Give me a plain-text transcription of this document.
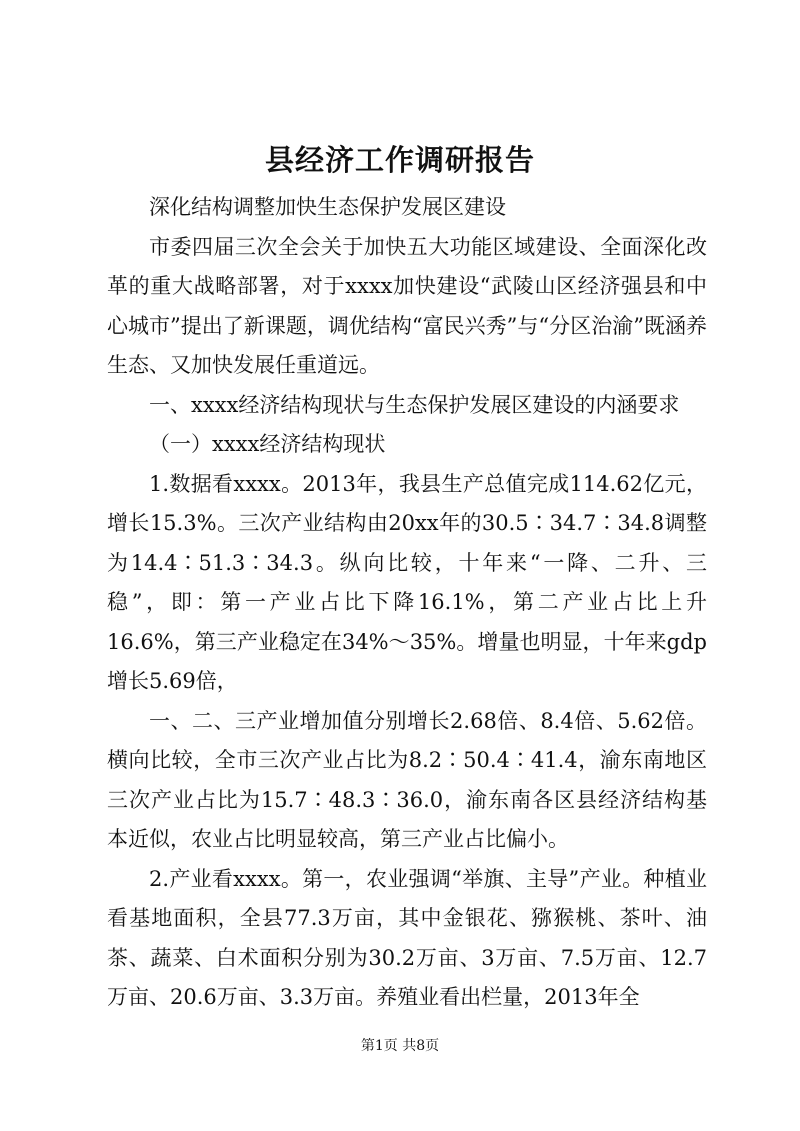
县经济工作调研报告

深化结构调整加快生态保护发展区建设

市委四届三次全会关于加快五大功能区域建设、全面深化改革的重大战略部署，对于xxxx加快建设“武陵山区经济强县和中心城市”提出了新课题，调优结构“富民兴秀”与“分区治渝”既涵养生态、又加快发展任重道远。

一、xxxx经济结构现状与生态保护发展区建设的内涵要求

（一）xxxx经济结构现状

1.数据看xxxx。2013年，我县生产总值完成114.62亿元，增长15.3%。三次产业结构由20xx年的30.5∶34.7∶34.8调整为14.4∶51.3∶34.3。纵向比较，十年来“一降、二升、三稳”，即：第一产业占比下降16.1%，第二产业占比上升16.6%，第三产业稳定在34%～35%。增量也明显，十年来gdp增长5.69倍，

一、二、三产业增加值分别增长2.68倍、8.4倍、5.62倍。横向比较，全市三次产业占比为8.2∶50.4∶41.4，渝东南地区三次产业占比为15.7∶48.3∶36.0，渝东南各区县经济结构基本近似，农业占比明显较高，第三产业占比偏小。

2.产业看xxxx。第一，农业强调“举旗、主导”产业。种植业看基地面积，全县77.3万亩，其中金银花、猕猴桃、茶叶、油茶、蔬菜、白术面积分别为30.2万亩、3万亩、7.5万亩、12.7万亩、20.6万亩、3.3万亩。养殖业看出栏量，2013年全

第1页 共8页
